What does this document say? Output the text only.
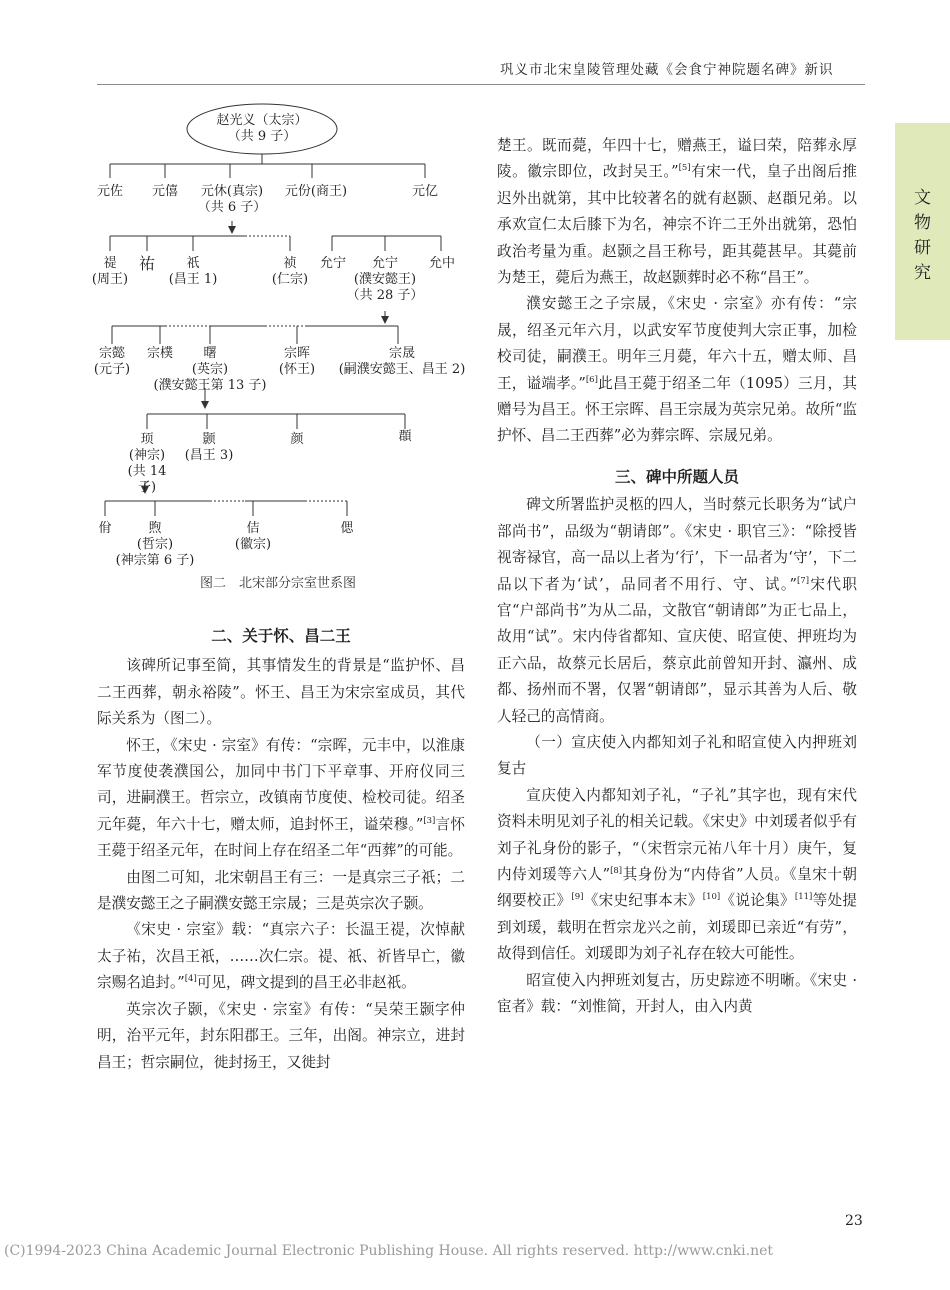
巩义市北宋皇陵管理处藏《会食宁神院题名碑》新识
文
物
研
究
赵光义（太宗）
（共 9 子）
元佐	元僖	元休(真宗)
（共 6 子）
元份(商王)	元亿
禔
(周王)
祐	祇
(昌王 1)
祯
(仁宗)
允宁	允宁
(濮安懿王)
（共 28 子）
允中
宗懿
(元子)
宗樸	曙
(英宗)
(濮安懿王第 13 子)
宗晖
(怀王)
宗晟
(嗣濮安懿王、昌王 2)
顼
(神宗)
(共 14 子)
颢
(昌王 3)
颜	頵
佾	煦
(哲宗)
(神宗第 6 子)
佶
(徽宗)
偲
图二　北宋部分宗室世系图
二、关于怀、昌二王

该碑所记事至简，其事情发生的背景是“监护怀、昌二王西葬，朝永裕陵”。怀王、昌王为宋宗室成员，其代际关系为（图二）。

怀王，《宋史 · 宗室》有传：“宗晖，元丰中，以淮康军节度使袭濮国公，加同中书门下平章事、开府仪同三司，进嗣濮王。哲宗立，改镇南节度使、检校司徒。绍圣元年薨，年六十七，赠太师，追封怀王，谥荣穆。”[3]言怀王薨于绍圣元年，在时间上存在绍圣二年“西葬”的可能。

由图二可知，北宋朝昌王有三：一是真宗三子祇；二是濮安懿王之子嗣濮安懿王宗晟；三是英宗次子颢。

《宋史 · 宗室》载：“真宗六子：长温王禔，次悼献太子祐，次昌王祇，……次仁宗。禔、祇、祈皆早亡，徽宗赐名追封。”[4]可见，碑文提到的昌王必非赵祇。

英宗次子颢，《宋史 · 宗室》有传：“吴荣王颢字仲明，治平元年，封东阳郡王。三年，出阁。神宗立，进封昌王；哲宗嗣位，徙封扬王，又徙封

楚王。既而薨，年四十七，赠燕王，谥曰荣，陪葬永厚陵。徽宗即位，改封吴王。”[5]有宋一代，皇子出阁后推迟外出就第，其中比较著名的就有赵颢、赵頵兄弟。以承欢宣仁太后膝下为名，神宗不许二王外出就第，恐怕政治考量为重。赵颢之昌王称号，距其薨甚早。其薨前为楚王，薨后为燕王，故赵颢葬时必不称“昌王”。

濮安懿王之子宗晟，《宋史 · 宗室》亦有传：“宗晟，绍圣元年六月，以武安军节度使判大宗正事，加检校司徒，嗣濮王。明年三月薨，年六十五，赠太师、昌王，谥端孝。”[6]此昌王薨于绍圣二年（1095）三月，其赠号为昌王。怀王宗晖、昌王宗晟为英宗兄弟。故所“监护怀、昌二王西葬”必为葬宗晖、宗晟兄弟。

三、碑中所题人员

碑文所署监护灵柩的四人，当时蔡元长职务为“试户部尚书”，品级为“朝请郎”。《宋史 · 职官三》：“除授皆视寄禄官，高一品以上者为‘行’，下一品者为‘守’，下二品以下者为‘试’，品同者不用行、守、试。”[7]宋代职官“户部尚书”为从二品，文散官“朝请郎”为正七品上，故用“试”。宋内侍省都知、宣庆使、昭宣使、押班均为正六品，故蔡元长居后，蔡京此前曾知开封、瀛州、成都、扬州而不署，仅署“朝请郎”，显示其善为人后、敬人轻己的高情商。

（一）宣庆使入内都知刘子礼和昭宣使入内押班刘复古

宣庆使入内都知刘子礼，“子礼”其字也，现有宋代资料未明见刘子礼的相关记载。《宋史》中刘瑗者似乎有刘子礼身份的影子，“（宋哲宗元祐八年十月）庚午，复内侍刘瑗等六人”[8]其身份为“内侍省”人员。《皇宋十朝纲要校正》[9]《宋史纪事本末》[10]《说论集》[11]等处提到刘瑗，载明在哲宗龙兴之前，刘瑗即已亲近“有劳”，故得到信任。刘瑗即为刘子礼存在较大可能性。

昭宣使入内押班刘复古，历史踪迹不明晰。《宋史 · 宦者》载：“刘惟简，开封人，由入内黄

23
(C)1994-2023 China Academic Journal Electronic Publishing House. All rights reserved. http://www.cnki.net
